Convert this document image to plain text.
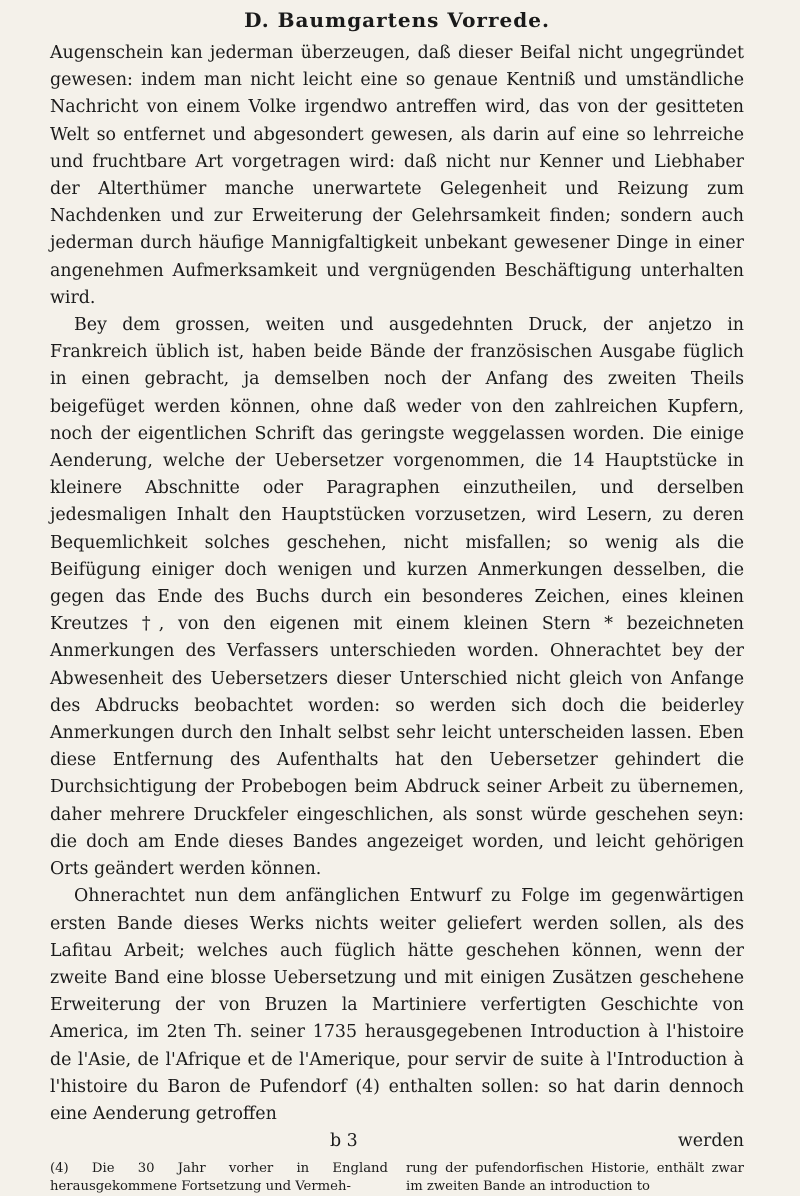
D. Baumgartens Vorrede.

Augenschein kan jederman überzeugen, daß dieser Beifal nicht ungegründet gewesen: indem man nicht leicht eine so genaue Kentniß und umständliche Nachricht von einem Volke irgendwo antreffen wird, das von der gesitteten Welt so entfernet und abgesondert gewesen, als darin auf eine so lehrreiche und fruchtbare Art vorgetragen wird: daß nicht nur Kenner und Liebhaber der Alterthümer manche unerwartete Gelegenheit und Reizung zum Nachdenken und zur Erweiterung der Gelehrsamkeit finden; sondern auch jederman durch häufige Mannigfaltigkeit unbekant gewesener Dinge in einer angenehmen Aufmerksamkeit und vergnügenden Beschäftigung unterhalten wird.

Bey dem grossen, weiten und ausgedehnten Druck, der anjetzo in Frankreich üblich ist, haben beide Bände der französischen Ausgabe füglich in einen gebracht, ja demselben noch der Anfang des zweiten Theils beigefüget werden können, ohne daß weder von den zahlreichen Kupfern, noch der eigentlichen Schrift das geringste weggelassen worden. Die einige Aenderung, welche der Uebersetzer vorgenommen, die 14 Hauptstücke in kleinere Abschnitte oder Paragraphen einzutheilen, und derselben jedesmaligen Inhalt den Hauptstücken vorzusetzen, wird Lesern, zu deren Bequemlichkeit solches geschehen, nicht misfallen; so wenig als die Beifügung einiger doch wenigen und kurzen Anmerkungen desselben, die gegen das Ende des Buchs durch ein besonderes Zeichen, eines kleinen Kreutzes †, von den eigenen mit einem kleinen Stern * bezeichneten Anmerkungen des Verfassers unterschieden worden. Ohnerachtet bey der Abwesenheit des Uebersetzers dieser Unterschied nicht gleich von Anfange des Abdrucks beobachtet worden: so werden sich doch die beiderley Anmerkungen durch den Inhalt selbst sehr leicht unterscheiden lassen. Eben diese Entfernung des Aufenthalts hat den Uebersetzer gehindert die Durchsichtigung der Probebogen beim Abdruck seiner Arbeit zu übernemen, daher mehrere Druckfeler eingeschlichen, als sonst würde geschehen seyn: die doch am Ende dieses Bandes angezeiget worden, und leicht gehörigen Orts geändert werden können.

Ohnerachtet nun dem anfänglichen Entwurf zu Folge im gegenwärtigen ersten Bande dieses Werks nichts weiter geliefert werden sollen, als des Lafitau Arbeit; welches auch füglich hätte geschehen können, wenn der zweite Band eine blosse Uebersetzung und mit einigen Zusätzen geschehene Erweiterung der von Bruzen la Martiniere verfertigten Geschichte von America, im 2ten Th. seiner 1735 herausgegebenen Introduction à l'histoire de l'Asie, de l'Afrique et de l'Amerique, pour servir de suite à l'Introduction à l'histoire du Baron de Pufendorf (4) enthalten sollen: so hat darin dennoch eine Aenderung getroffen

b 3	werden
(4) Die 30 Jahr vorher in England herausgekommene Fortsetzung und Vermeh-
rung der pufendorfischen Historie, enthält zwar im zweiten Bande an introduction to
